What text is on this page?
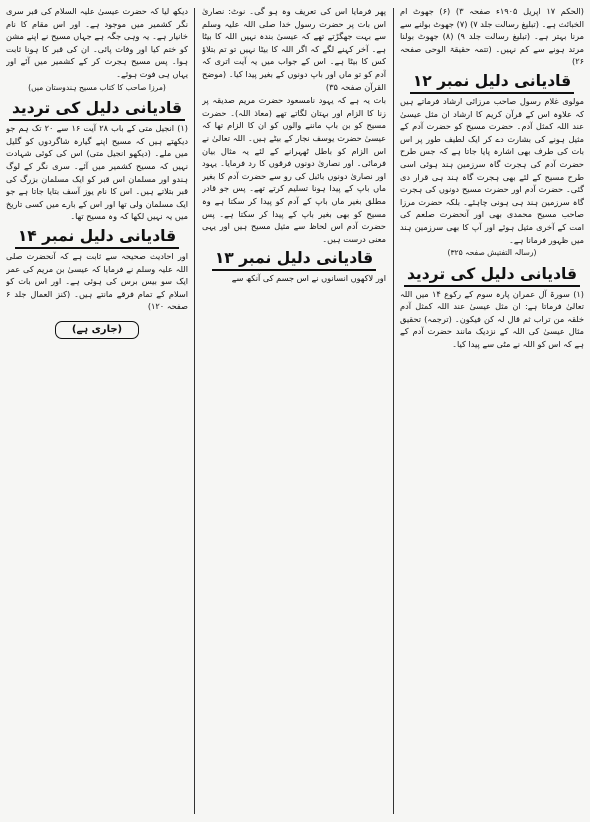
(الحکم ۱۷ اپریل ۱۹۰۵ء صفحہ ۳) (۶) جھوٹ ام الخبائث ہے۔ (تبلیغ رسالت جلد ۷) (۷) جھوٹ بولنے سے مرنا بہتر ہے۔ (تبلیغ رسالت جلد ۹) (۸) جھوٹ بولنا مرتد ہونے سے کم نہیں۔ (تتمہ حقیقۃ الوحی صفحہ ۲۶)

قادیانی دلیل نمبر ۱۲

مولوی غلام رسول صاحب مرزائی ارشاد فرماتے ہیں کہ علاوہ اس کے قرآن کریم کا ارشاد ان مثل عیسیٰ عند اللہ کمثل آدم۔ حضرت مسیح کو حضرت آدم کے مثیل ہونے کی بشارت دے کر ایک لطیف طور پر اس بات کی طرف بھی اشارہ پایا جاتا ہے کہ جس طرح حضرت آدم کی ہجرت گاہ سرزمین ہند ہوئی اسی طرح مسیح کے لئے بھی ہجرت گاہ ہند ہی قرار دی گئی۔ حضرت آدم اور حضرت مسیح دونوں کی ہجرت گاہ سرزمین ہند ہی ہونی چاہئے۔ بلکہ حضرت مرزا صاحب مسیح محمدی بھی اور آنحضرت صلعم کی امت کے آخری مثیل ہوئے اور آپ کا بھی سرزمین ہند میں ظہور فرمانا ہے۔

(رسالہ التفتیش صفحہ ۳۲۵)

قادیانی دلیل کی تردید

(۱) سورۃ آل عمران پارہ سوم کے رکوع ۱۴ میں اللہ تعالیٰ فرماتا ہے: ان مثل عیسیٰ عند اللہ کمثل آدم خلقہ من تراب ثم قال لہ کن فیکون۔ (ترجمہ) تحقیق مثال عیسیٰ کی اللہ کے نزدیک مانند حضرت آدم کے ہے کہ اس کو اللہ نے مٹی سے پیدا کیا۔

پھر فرمایا اس کی تعریف وہ ہو گی۔ نوٹ: نصاریٰ اس بات پر حضرت رسول خدا صلی اللہ علیہ وسلم سے بہت جھگڑتے تھے کہ عیسیٰ بندہ نہیں اللہ کا بیٹا ہے۔ آخر کہنے لگے کہ اگر اللہ کا بیٹا نہیں تو تم بتلاؤ کس کا بیٹا ہے۔ اس کے جواب میں یہ آیت اتری کہ آدم کو تو ماں اور باپ دونوں کے بغیر پیدا کیا۔ (موضح القرآن صفحہ ۳۵)

بات یہ ہے کہ یہود نامسعود حضرت مریم صدیقہ پر زنا کا الزام اور بہتان لگاتے تھے (معاذ اللہ)۔ حضرت مسیح کو بن باپ ماننے والوں کو ان کا الزام تھا کہ عیسیٰ حضرت یوسف نجار کے بیٹے ہیں۔ اللہ تعالیٰ نے اس الزام کو باطل ٹھہرانے کے لئے یہ مثال بیان فرمائی۔ اور نصاریٰ دونوں فرقوں کا رد فرمایا۔ یہود اور نصاریٰ دونوں بائبل کی رو سے حضرت آدم کا بغیر ماں باپ کے پیدا ہونا تسلیم کرتے تھے۔ پس جو قادر مطلق بغیر ماں باپ کے آدم کو پیدا کر سکتا ہے وہ مسیح کو بھی بغیر باپ کے پیدا کر سکتا ہے۔ پس حضرت آدم اس لحاظ سے مثیل مسیح ہیں اور یہی معنی درست ہیں۔

قادیانی دلیل نمبر ۱۳

اور لاکھوں انسانوں نے اس جسم کی آنکھ سے

دیکھ لیا کہ حضرت عیسیٰ علیہ السلام کی قبر سری نگر کشمیر میں موجود ہے۔ اور اس مقام کا نام خانیار ہے۔ یہ وہی جگہ ہے جہاں مسیح نے اپنے مشن کو ختم کیا اور وفات پائی۔ ان کی قبر کا ہونا ثابت ہوا۔ پس مسیح ہجرت کر کے کشمیر میں آئے اور یہاں ہی فوت ہوئے۔

(مرزا صاحب کا کتاب مسیح ہندوستان میں)

قادیانی دلیل کی تردید

(۱) انجیل متی کے باب ۲۸ آیت ۱۶ سے ۲۰ تک ہم جو دیکھتے ہیں کہ مسیح اپنے گیارہ شاگردوں کو گلیل میں ملے۔ (دیکھو انجیل متی) اس کی کوئی شہادت نہیں کہ مسیح کشمیر میں آئے۔ سری نگر کے لوگ ہندو اور مسلمان اس قبر کو ایک مسلمان بزرگ کی قبر بتلاتے ہیں۔ اس کا نام یوز آسف بتایا جاتا ہے جو ایک مسلمان ولی تھا اور اس کے بارے میں کسی تاریخ میں یہ نہیں لکھا کہ وہ مسیح تھا۔

قادیانی دلیل نمبر ۱۴

اور احادیث صحیحہ سے ثابت ہے کہ آنحضرت صلی اللہ علیہ وسلم نے فرمایا کہ عیسیٰ بن مریم کی عمر ایک سو بیس برس کی ہوئی ہے۔ اور اس بات کو اسلام کے تمام فرقے مانتے ہیں۔ (کنز العمال جلد ۶ صفحہ ۱۲۰)

(جاری ہے)
